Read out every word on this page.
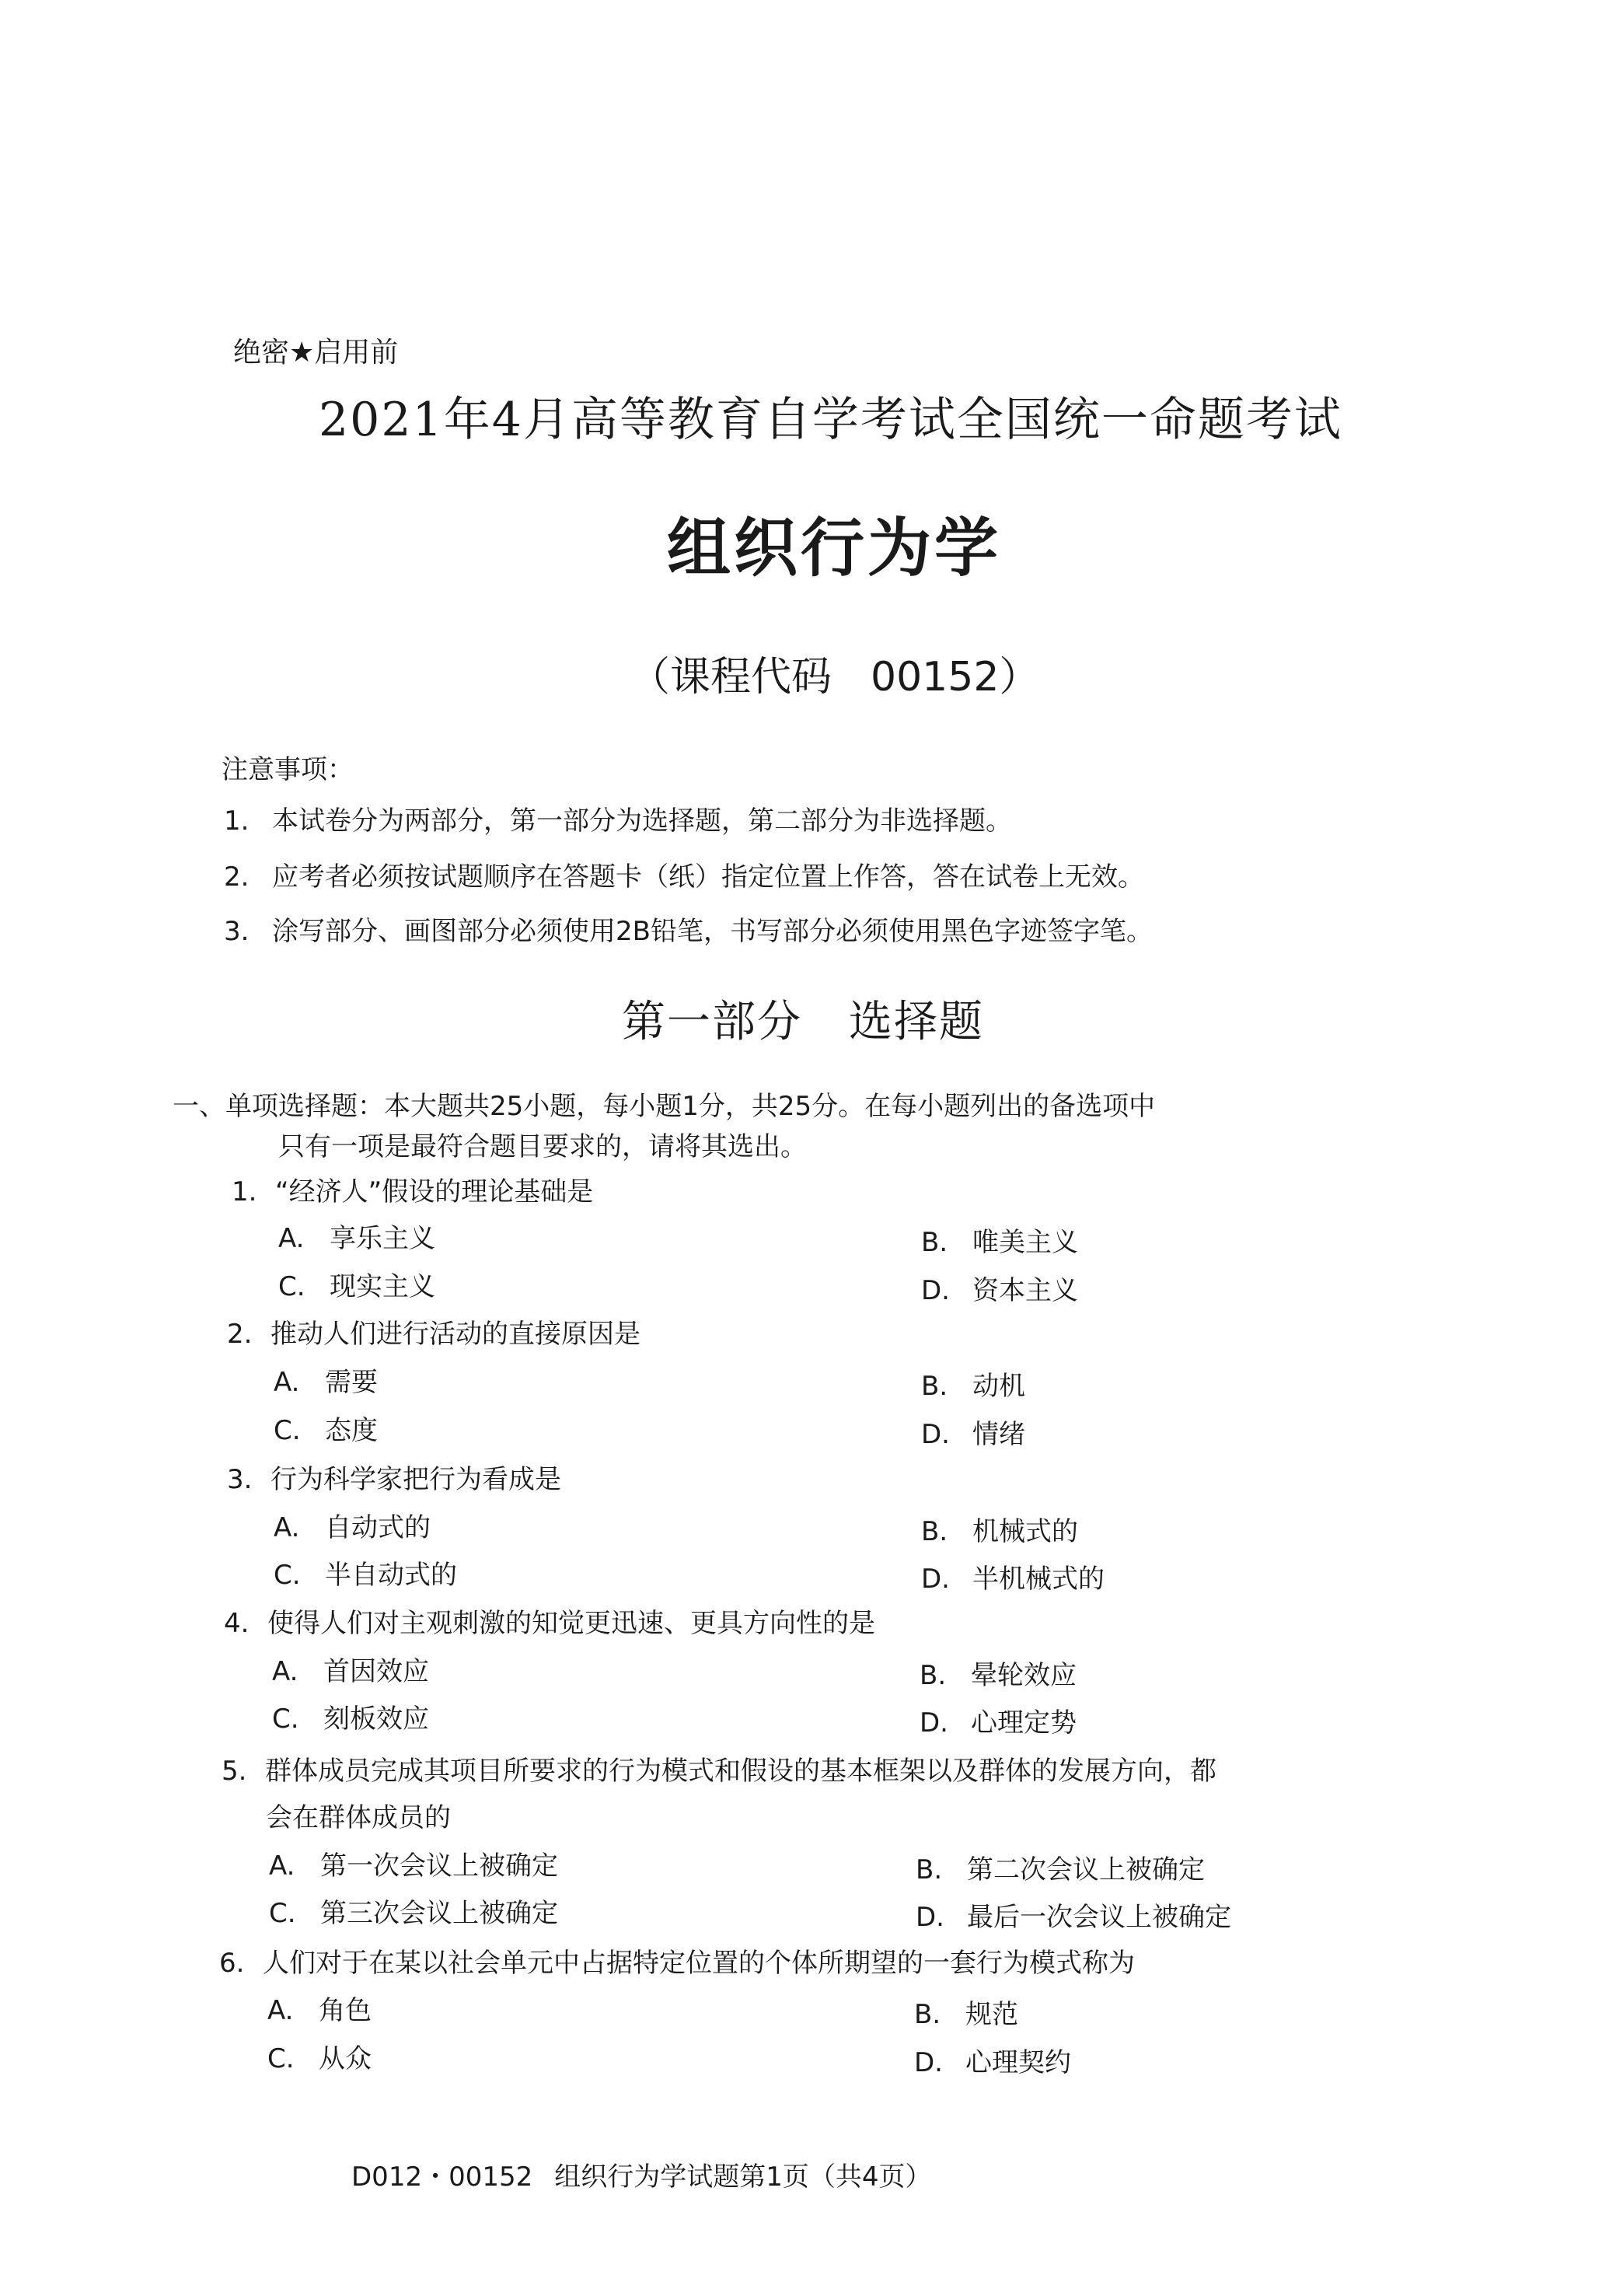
绝密★启用前
2021年4月高等教育自学考试全国统一命题考试
组织行为学
（课程代码 00152）
注意事项：
1. 本试卷分为两部分，第一部分为选择题，第二部分为非选择题。
2. 应考者必须按试题顺序在答题卡（纸）指定位置上作答，答在试卷上无效。
3. 涂写部分、画图部分必须使用2B铅笔，书写部分必须使用黑色字迹签字笔。
第一部分 选择题
一、单项选择题：本大题共25小题，每小题1分，共25分。在每小题列出的备选项中
只有一项是最符合题目要求的，请将其选出。
1. “经济人”假设的理论基础是
A. 享乐主义	B. 唯美主义
C. 现实主义	D. 资本主义
2. 推动人们进行活动的直接原因是
A. 需要	B. 动机
C. 态度	D. 情绪
3. 行为科学家把行为看成是
A. 自动式的	B. 机械式的
C. 半自动式的	D. 半机械式的
4. 使得人们对主观刺激的知觉更迅速、更具方向性的是
A. 首因效应	B. 晕轮效应
C. 刻板效应	D. 心理定势
5. 群体成员完成其项目所要求的行为模式和假设的基本框架以及群体的发展方向，都
会在群体成员的
A. 第一次会议上被确定	B. 第二次会议上被确定
C. 第三次会议上被确定	D. 最后一次会议上被确定
6. 人们对于在某以社会单元中占据特定位置的个体所期望的一套行为模式称为
A. 角色	B. 规范
C. 从众	D. 心理契约
D012・00152 组织行为学试题第1页（共4页）
